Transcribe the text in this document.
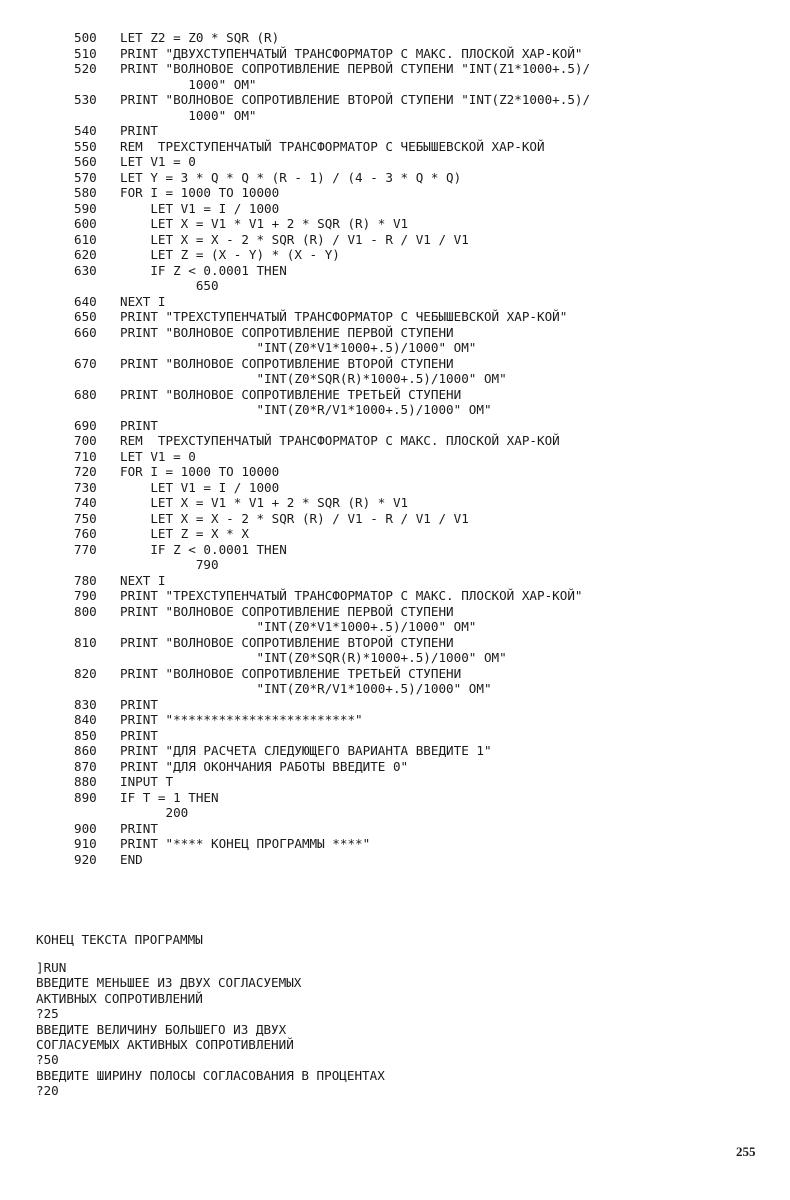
500	LET Z2 = Z0 * SQR (R)
510	PRINT "ДВУХСТУПЕНЧАТЫЙ ТРАНСФОРМАТОР С МАКС. ПЛОСКОЙ ХАР-КОЙ"
520	PRINT "ВОЛНОВОЕ СОПРОТИВЛЕНИЕ ПЕРВОЙ СТУПЕНИ "INT(Z1*1000+.5)/
1000" ОМ"
530	PRINT "ВОЛНОВОЕ СОПРОТИВЛЕНИЕ ВТОРОЙ СТУПЕНИ "INT(Z2*1000+.5)/
1000" ОМ"
540	PRINT
550	REM  ТРЕХСТУПЕНЧАТЫЙ ТРАНСФОРМАТОР С ЧЕБЫШЕВСКОЙ ХАР-КОЙ
560	LET V1 = 0
570	LET Y = 3 * Q * Q * (R - 1) / (4 - 3 * Q * Q)
580	FOR I = 1000 TO 10000
590	LET V1 = I / 1000
600	LET X = V1 * V1 + 2 * SQR (R) * V1
610	LET X = X - 2 * SQR (R) / V1 - R / V1 / V1
620	LET Z = (X - Y) * (X - Y)
630	IF Z < 0.0001 THEN
650
640	NEXT I
650	PRINT "ТРЕХСТУПЕНЧАТЫЙ ТРАНСФОРМАТОР С ЧЕБЫШЕВСКОЙ ХАР-КОЙ"
660	PRINT "ВОЛНОВОЕ СОПРОТИВЛЕНИЕ ПЕРВОЙ СТУПЕНИ
"INT(Z0*V1*1000+.5)/1000" ОМ"
670	PRINT "ВОЛНОВОЕ СОПРОТИВЛЕНИЕ ВТОРОЙ СТУПЕНИ
"INT(Z0*SQR(R)*1000+.5)/1000" ОМ"
680	PRINT "ВОЛНОВОЕ СОПРОТИВЛЕНИЕ ТРЕТЬЕЙ СТУПЕНИ
"INT(Z0*R/V1*1000+.5)/1000" ОМ"
690	PRINT
700	REM  ТРЕХСТУПЕНЧАТЫЙ ТРАНСФОРМАТОР С МАКС. ПЛОСКОЙ ХАР-КОЙ
710	LET V1 = 0
720	FOR I = 1000 TO 10000
730	LET V1 = I / 1000
740	LET X = V1 * V1 + 2 * SQR (R) * V1
750	LET X = X - 2 * SQR (R) / V1 - R / V1 / V1
760	LET Z = X * X
770	IF Z < 0.0001 THEN
790
780	NEXT I
790	PRINT "ТРЕХСТУПЕНЧАТЫЙ ТРАНСФОРМАТОР С МАКС. ПЛОСКОЙ ХАР-КОЙ"
800	PRINT "ВОЛНОВОЕ СОПРОТИВЛЕНИЕ ПЕРВОЙ СТУПЕНИ
"INT(Z0*V1*1000+.5)/1000" ОМ"
810	PRINT "ВОЛНОВОЕ СОПРОТИВЛЕНИЕ ВТОРОЙ СТУПЕНИ
"INT(Z0*SQR(R)*1000+.5)/1000" ОМ"
820	PRINT "ВОЛНОВОЕ СОПРОТИВЛЕНИЕ ТРЕТЬЕЙ СТУПЕНИ
"INT(Z0*R/V1*1000+.5)/1000" ОМ"
830	PRINT
840	PRINT "************************"
850	PRINT
860	PRINT "ДЛЯ РАСЧЕТА СЛЕДУЮЩЕГО ВАРИАНТА ВВЕДИТЕ 1"
870	PRINT "ДЛЯ ОКОНЧАНИЯ РАБОТЫ ВВЕДИТЕ 0"
880	INPUT T
890	IF T = 1 THEN
200
900	PRINT
910	PRINT "**** КОНЕЦ ПРОГРАММЫ ****"
920	END
КОНЕЦ ТЕКСТА ПРОГРАММЫ
]RUN
ВВЕДИТЕ МЕНЬШЕЕ ИЗ ДВУХ СОГЛАСУЕМЫХ
АКТИВНЫХ СОПРОТИВЛЕНИЙ
?25
ВВЕДИТЕ ВЕЛИЧИНУ БОЛЬШЕГО ИЗ ДВУХ
СОГЛАСУЕМЫХ АКТИВНЫХ СОПРОТИВЛЕНИЙ
?50
ВВЕДИТЕ ШИРИНУ ПОЛОСЫ СОГЛАСОВАНИЯ В ПРОЦЕНТАХ
?20
255
